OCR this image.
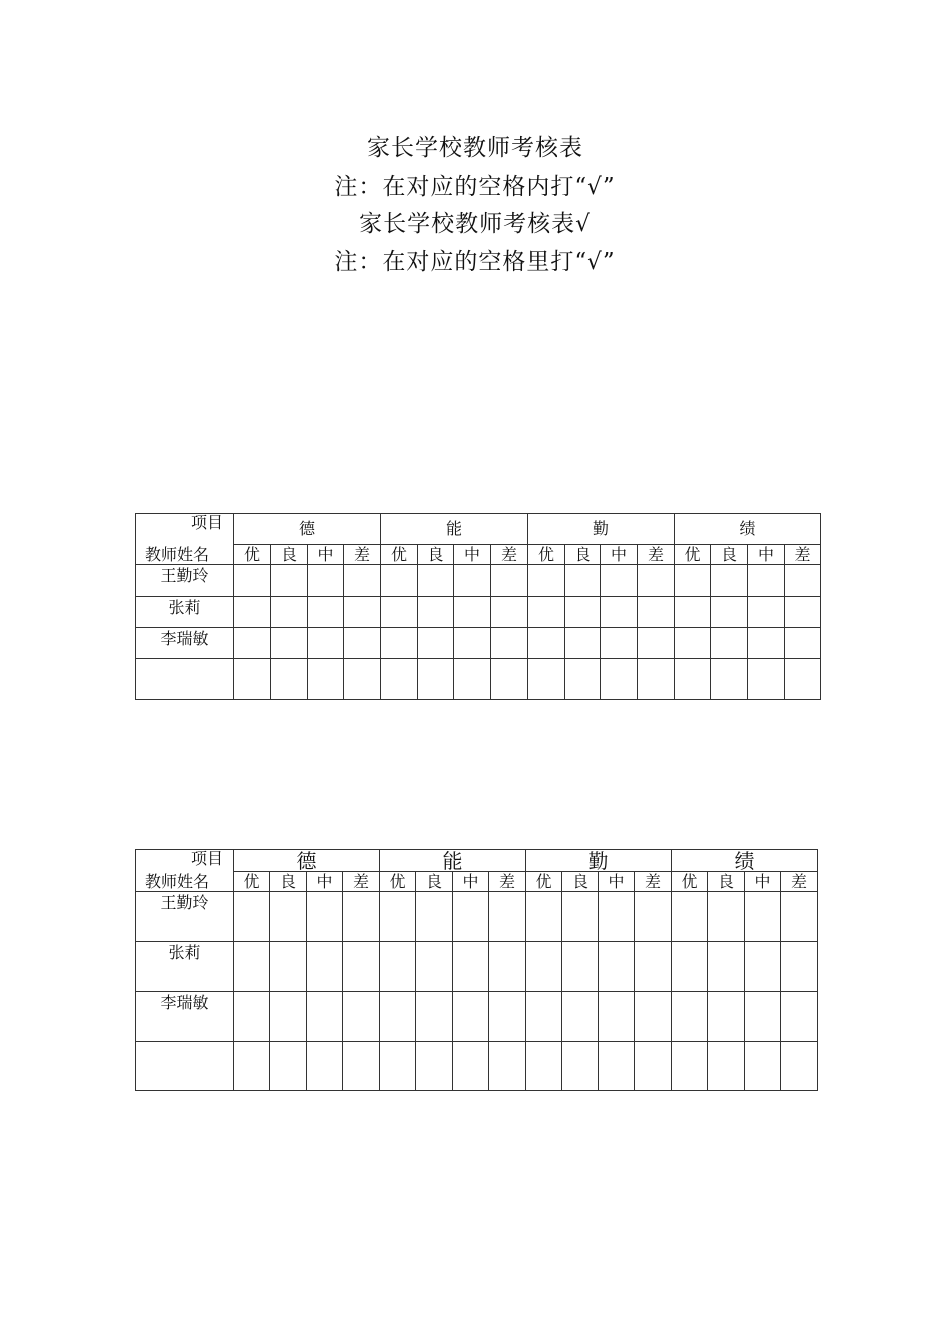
家长学校教师考核表
注：在对应的空格内打“√”
家长学校教师考核表√
注：在对应的空格里打“√”
项目
教师姓名	德				能				勤				绩			
	优	良	中	差	优	良	中	差	优	良	中	差	优	良	中	差
王勤玲																
张莉																
李瑞敏																

项目
教师姓名	德				能				勤				绩			
	优	良	中	差	优	良	中	差	优	良	中	差	优	良	中	差
王勤玲																
张莉																
李瑞敏																
